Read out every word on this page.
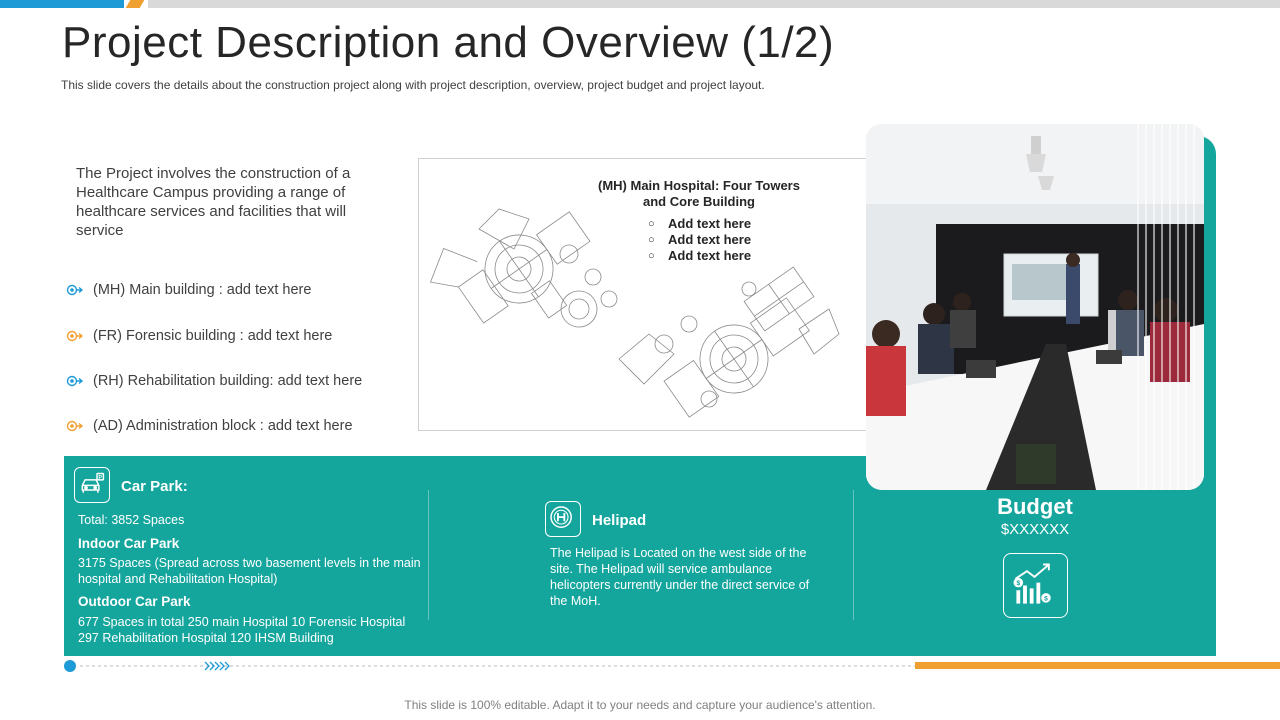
Project Description and Overview (1/2)
This slide covers the details about the construction project along with project description, overview, project budget and project layout.

The Project involves the construction of a Healthcare Campus providing a range of healthcare services and facilities that will service

(MH) Main building : add text here
(FR) Forensic building : add text here
(RH) Rehabilitation building: add text here
(AD) Administration block : add text here
(MH) Main Hospital: Four Towers and Core Building
○ Add text here
○ Add text here
○ Add text here
P Car Park:
Total: 3852 Spaces
Indoor Car Park
3175 Spaces (Spread across two basement levels in the main hospital and Rehabilitation Hospital)
Outdoor Car Park
677 Spaces in total 250 main Hospital 10 Forensic Hospital 297 Rehabilitation Hospital 120 IHSM Building
Helipad
The Helipad is Located on the west side of the site. The Helipad will service ambulance helicopters currently under the direct service of the MoH.
Budget
$XXXXXX
$
$
This slide is 100% editable. Adapt it to your needs and capture your audience's attention.
